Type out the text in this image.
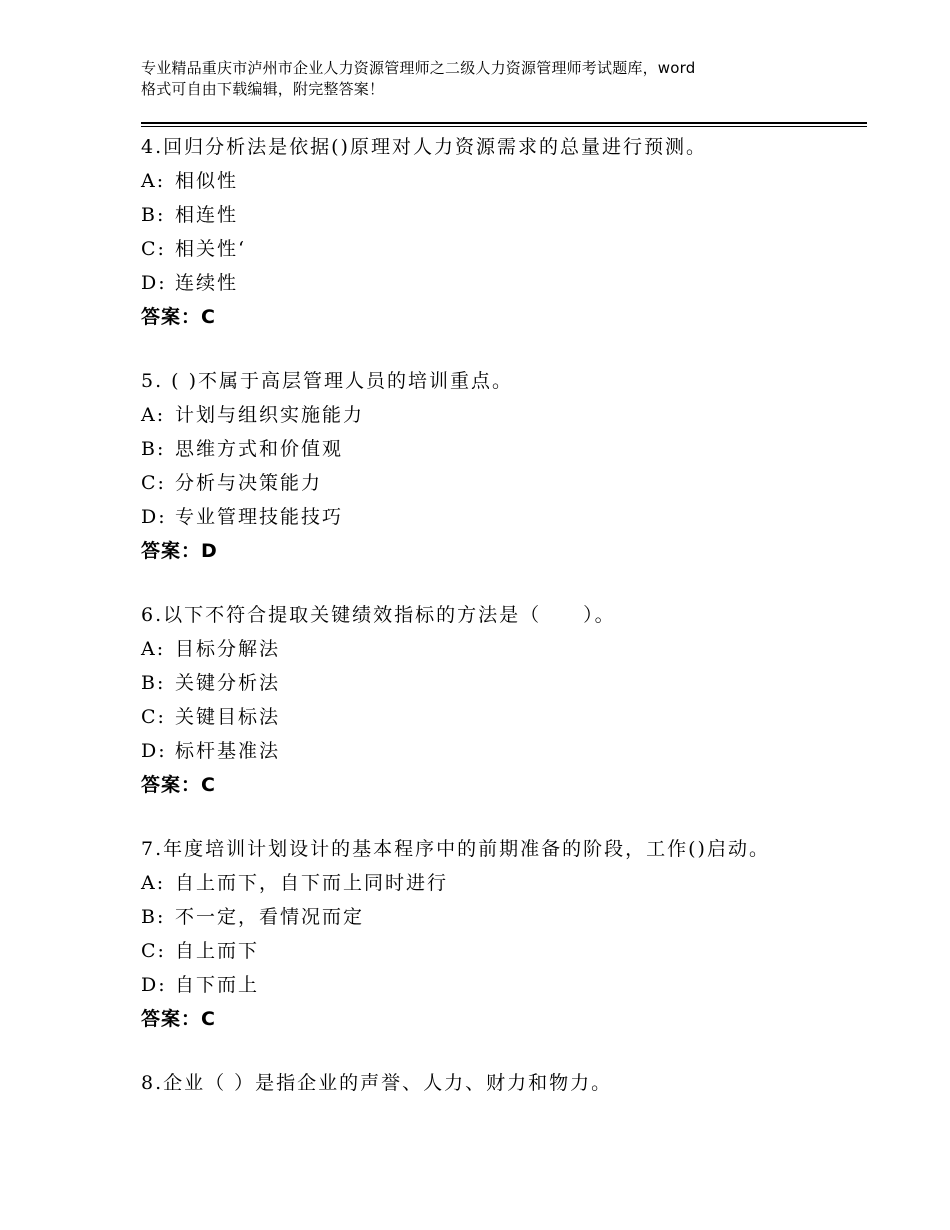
专业精品重庆市泸州市企业人力资源管理师之二级人力资源管理师考试题库，word
格式可自由下载编辑，附完整答案！
4.回归分析法是依据()原理对人力资源需求的总量进行预测。
A: 相似性
B: 相连性
C: 相关性‘
D: 连续性
答案：C
5. ( )不属于高层管理人员的培训重点。
A: 计划与组织实施能力
B: 思维方式和价值观
C: 分析与决策能力
D: 专业管理技能技巧
答案：D
6.以下不符合提取关键绩效指标的方法是（　　）。
A: 目标分解法
B: 关键分析法
C: 关键目标法
D: 标杆基准法
答案：C
7.年度培训计划设计的基本程序中的前期准备的阶段，工作()启动。
A: 自上而下，自下而上同时进行
B: 不一定，看情况而定
C: 自上而下
D: 自下而上
答案：C
8.企业（ ）是指企业的声誉、人力、财力和物力。
